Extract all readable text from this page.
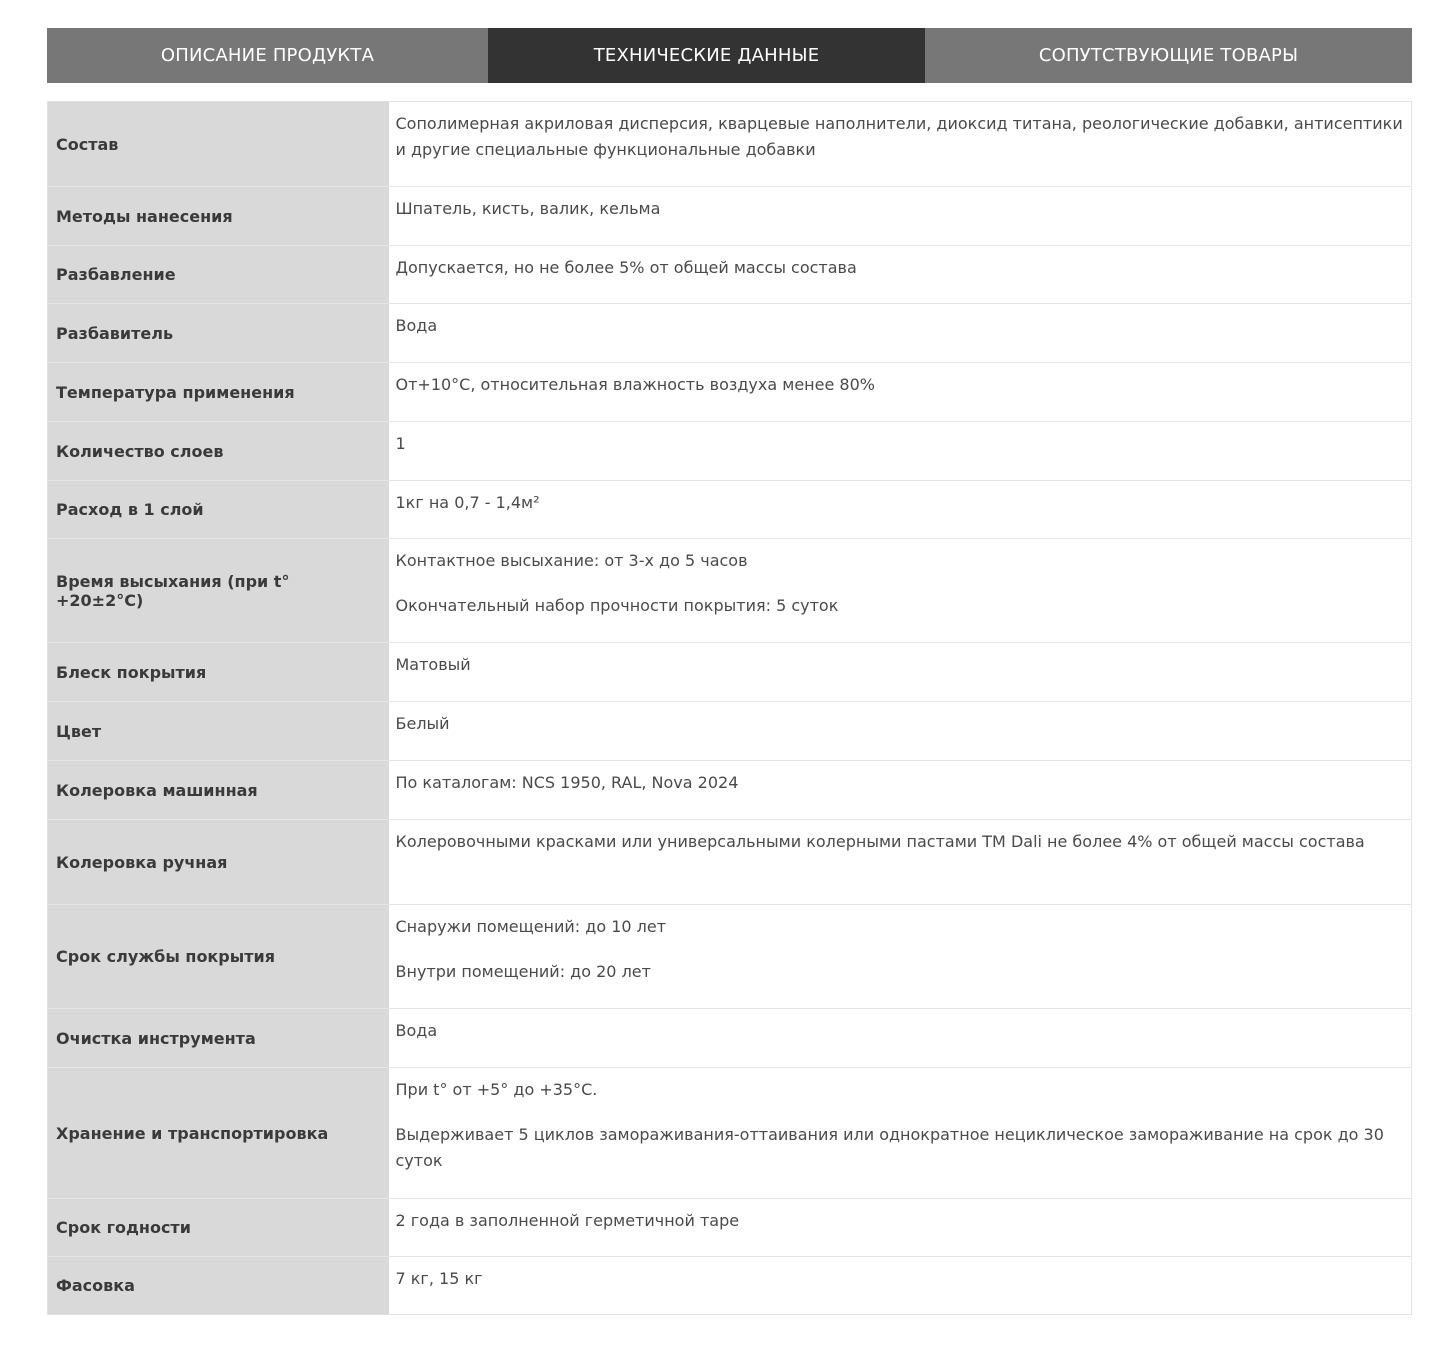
ОПИСАНИЕ ПРОДУКТА	ТЕХНИЧЕСКИЕ ДАННЫЕ	СОПУТСТВУЮЩИЕ ТОВАРЫ
Состав	Сополимерная акриловая дисперсия, кварцевые наполнители, диоксид титана, реологические добавки, антисептики и другие специальные функциональные добавки

Методы нанесения	Шпатель, кисть, валик, кельма

Разбавление	Допускается, но не более 5% от общей массы состава

Разбавитель	Вода

Температура применения	От+10°С, относительная влажность воздуха менее 80%

Количество слоев	1

Расход в 1 слой	1кг на 0,7 - 1,4м²

Время высыхания (при t° +20±2°С)	Контактное высыхание: от 3-х до 5 часов

Окончательный набор прочности покрытия: 5 суток

Блеск покрытия	Матовый

Цвет	Белый

Колеровка машинная	По каталогам: NCS 1950, RAL, Nova 2024

Колеровка ручная	Колеровочными красками или универсальными колерными пастами ТМ Dali не более 4% от общей массы состава

Срок службы покрытия	Снаружи помещений: до 10 лет

Внутри помещений: до 20 лет

Очистка инструмента	Вода

Хранение и транспортировка	При t° от +5° до +35°С.

Выдерживает 5 циклов замораживания-оттаивания или однократное нециклическое замораживание на срок до 30 суток

Срок годности	2 года в заполненной герметичной таре

Фасовка	7 кг, 15 кг
